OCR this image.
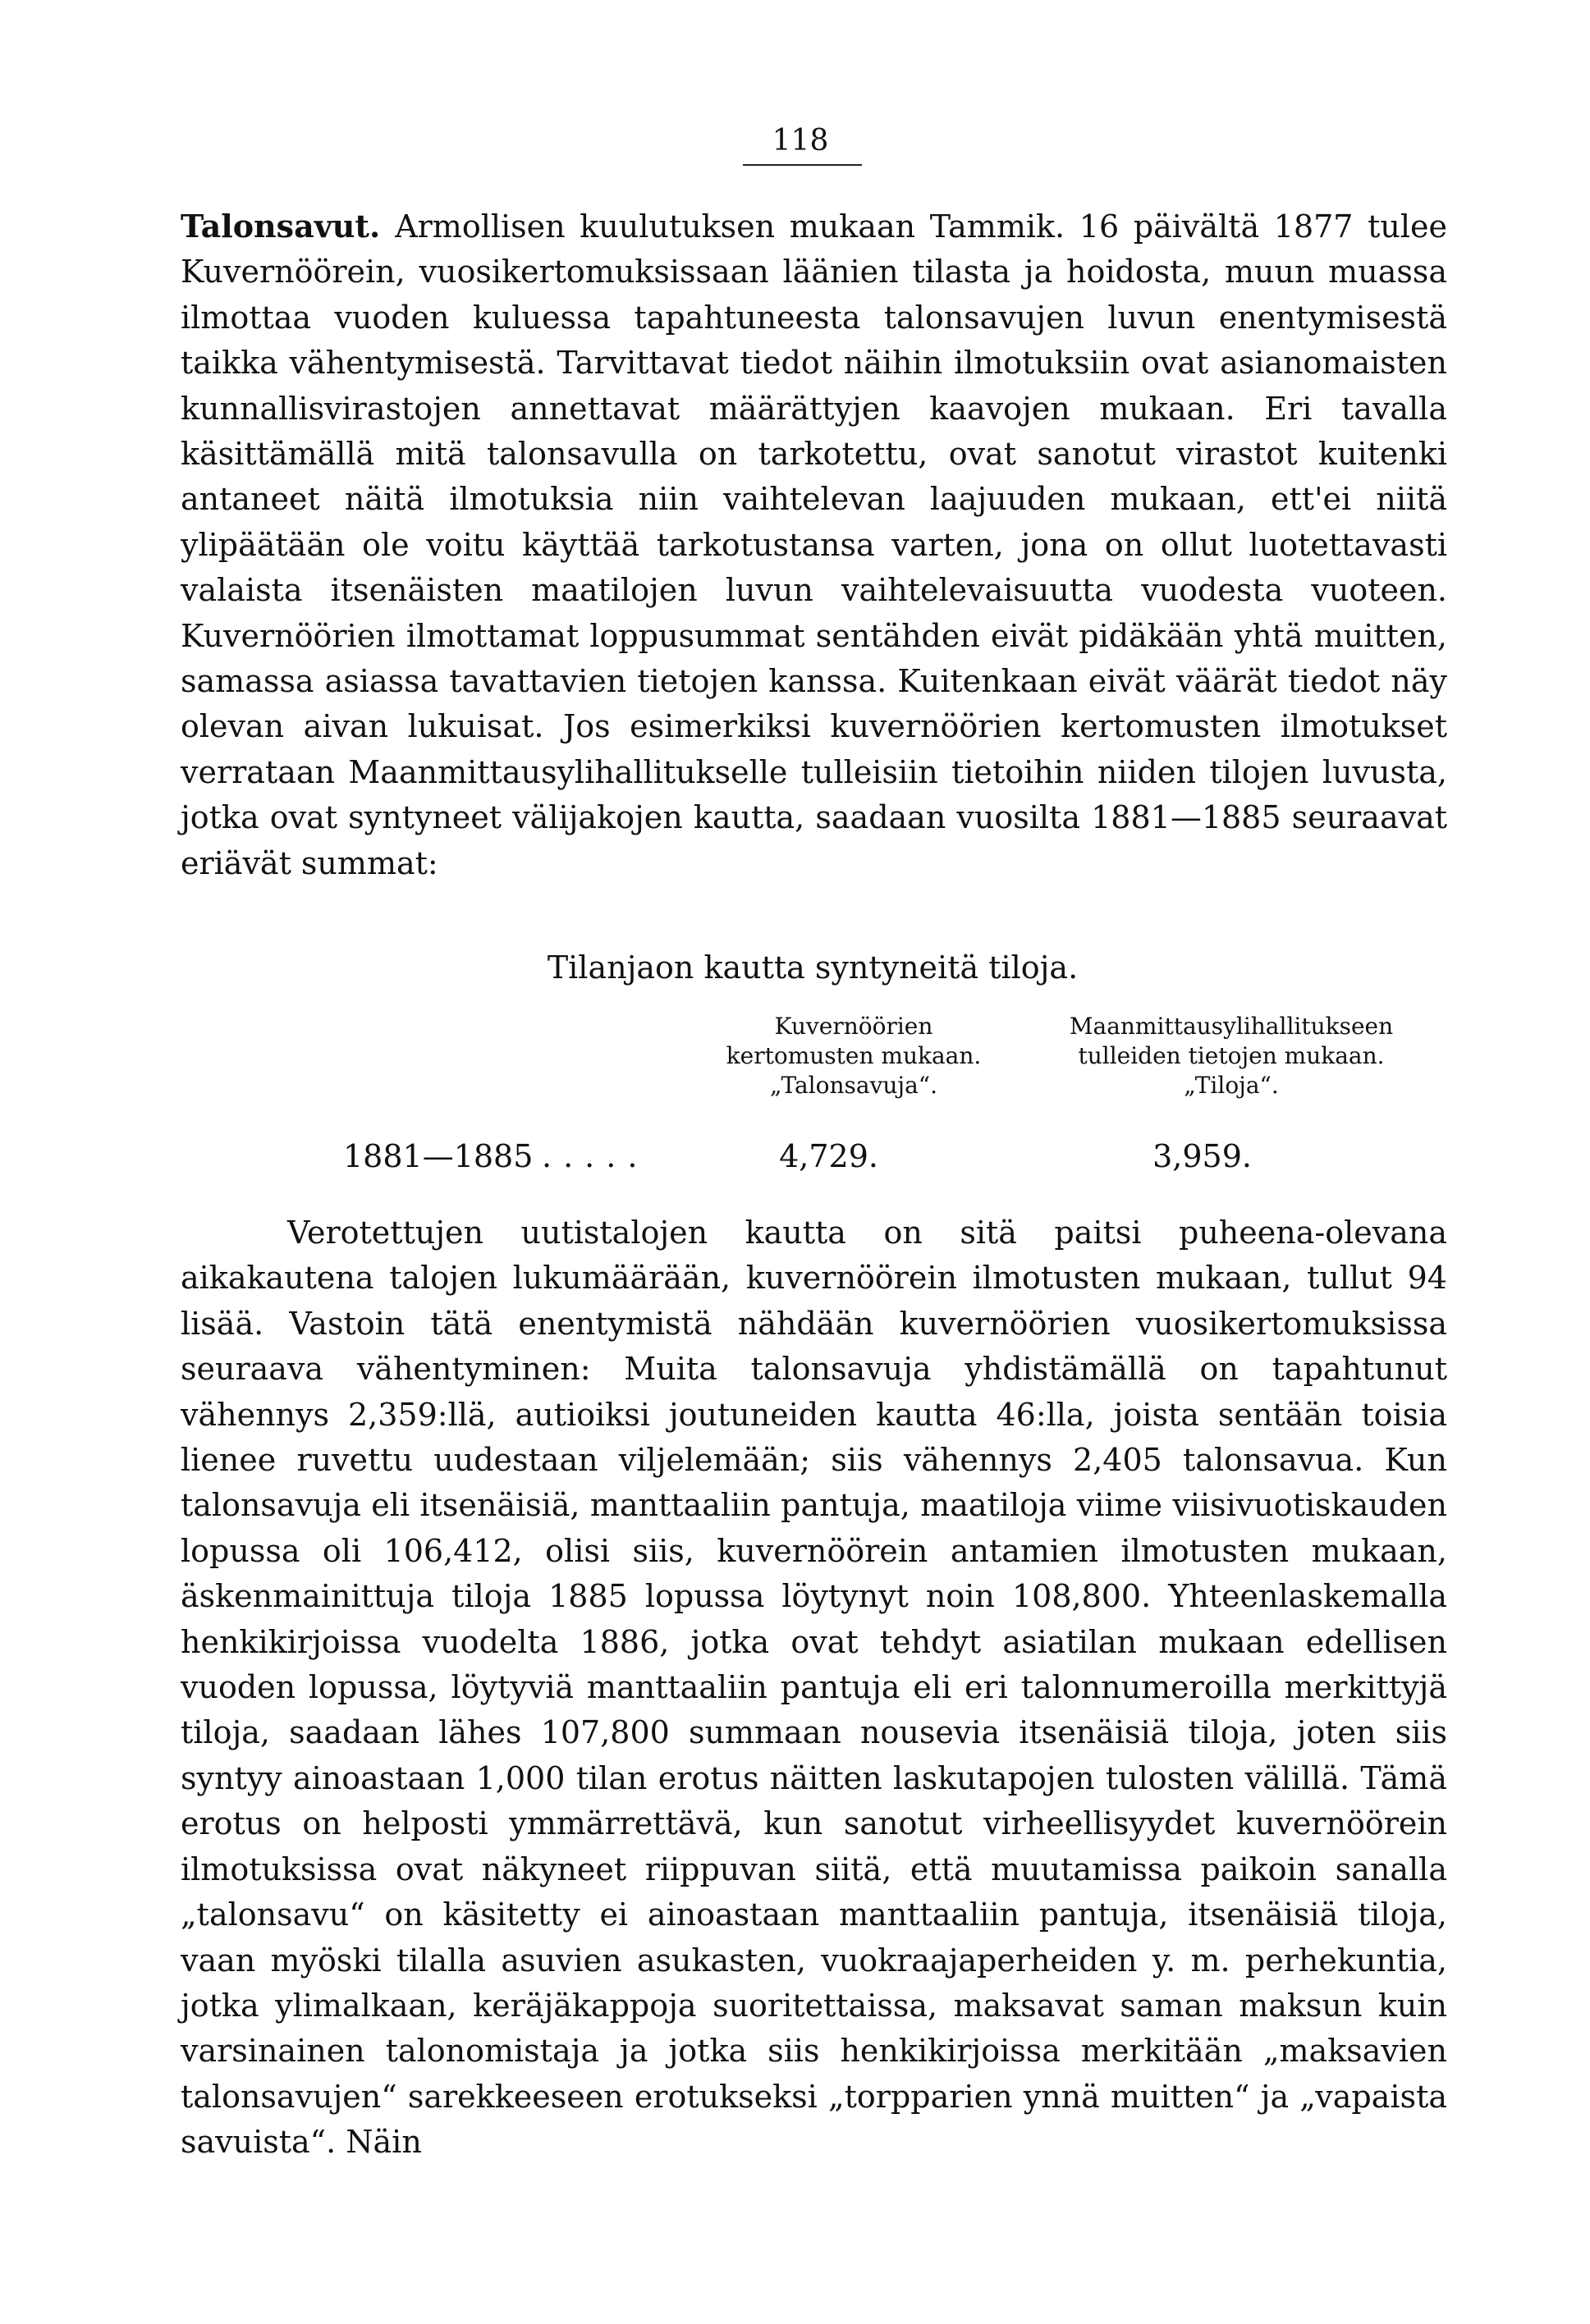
118

Talonsavut. Armollisen kuulutuksen mukaan Tammik. 16 päivältä 1877 tulee Kuvernöörein, vuosikertomuksissaan läänien tilasta ja hoidosta, muun muassa ilmottaa vuoden kuluessa tapahtuneesta talonsavujen luvun enentymisestä taikka vähentymisestä. Tarvittavat tiedot näihin ilmotuksiin ovat asianomaisten kunnallisvirastojen annettavat määrättyjen kaavojen mukaan. Eri tavalla käsittämällä mitä talonsavulla on tarkotettu, ovat sanotut virastot kuitenki antaneet näitä ilmotuksia niin vaihtelevan laajuuden mukaan, ett'ei niitä ylipäätään ole voitu käyttää tarkotustansa varten, jona on ollut luotettavasti valaista itsenäisten maatilojen luvun vaihtelevaisuutta vuodesta vuoteen. Kuvernöörien ilmottamat loppusummat sentähden eivät pidäkään yhtä muitten, samassa asiassa tavattavien tietojen kanssa. Kuitenkaan eivät väärät tiedot näy olevan aivan lukuisat. Jos esimerkiksi kuvernöörien kertomusten ilmotukset verrataan Maanmittausylihallitukselle tulleisiin tietoihin niiden tilojen luvusta, jotka ovat syntyneet välijakojen kautta, saadaan vuosilta 1881—1885 seuraavat eriävät summat:

Tilanjaon kautta syntyneitä tiloja.
Kuvernöörien
kertomusten mukaan.
„Talonsavuja“.
Maanmittausylihallitukseen
tulleiden tietojen mukaan.
„Tiloja“.
1881—1885 .....	4,729.	3,959.

Verotettujen uutistalojen kautta on sitä paitsi puheena-olevana aikakautena talojen lukumäärään, kuvernöörein ilmotusten mukaan, tullut 94 lisää. Vastoin tätä enentymistä nähdään kuvernöörien vuosikertomuksissa seuraava vähentyminen: Muita talonsavuja yhdistämällä on tapahtunut vähennys 2,359:llä, autioiksi joutuneiden kautta 46:lla, joista sentään toisia lienee ruvettu uudestaan viljelemään; siis vähennys 2,405 talonsavua. Kun talonsavuja eli itsenäisiä, manttaaliin pantuja, maatiloja viime viisivuotiskauden lopussa oli 106,412, olisi siis, kuvernöörein antamien ilmotusten mukaan, äskenmainittuja tiloja 1885 lopussa löytynyt noin 108,800. Yhteenlaskemalla henkikirjoissa vuodelta 1886, jotka ovat tehdyt asiatilan mukaan edellisen vuoden lopussa, löytyviä manttaaliin pantuja eli eri talonnumeroilla merkittyjä tiloja, saadaan lähes 107,800 summaan nousevia itsenäisiä tiloja, joten siis syntyy ainoastaan 1,000 tilan erotus näitten laskutapojen tulosten välillä. Tämä erotus on helposti ymmärrettävä, kun sanotut virheellisyydet kuvernöörein ilmotuksissa ovat näkyneet riippuvan siitä, että muutamissa paikoin sanalla „talonsavu“ on käsitetty ei ainoastaan manttaaliin pantuja, itsenäisiä tiloja, vaan myöski tilalla asuvien asukasten, vuokraajaperheiden y. m. perhekuntia, jotka ylimalkaan, keräjäkappoja suoritettaissa, maksavat saman maksun kuin varsinainen talonomistaja ja jotka siis henkikirjoissa merkitään „maksavien talonsavujen“ sarekkeeseen erotukseksi „torpparien ynnä muitten“ ja „vapaista savuista“. Näin
